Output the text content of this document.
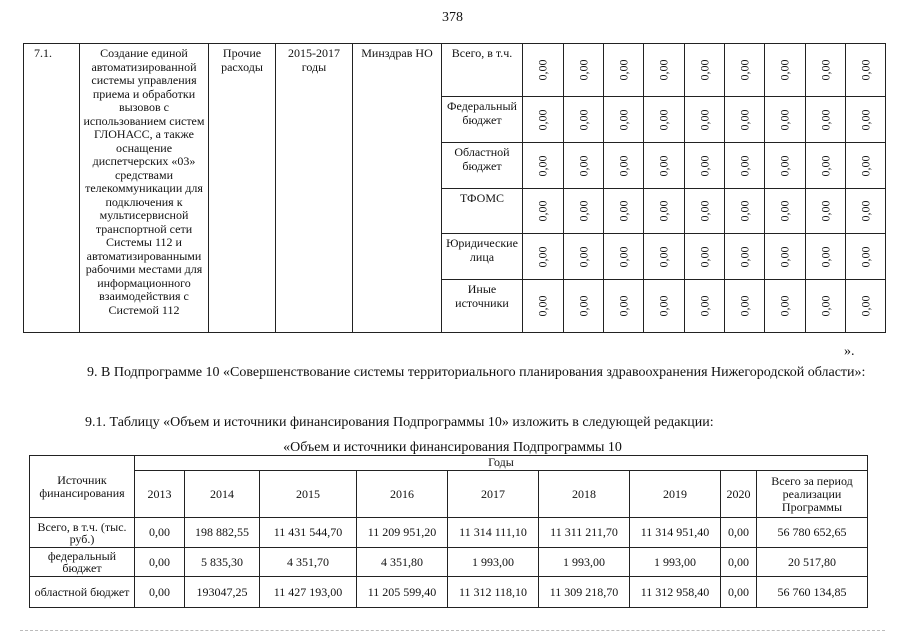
378
7.1.	Создание единой автоматизированной системы управления приема и обработки вызовов с использованием систем ГЛОНАСС, а также оснащение диспетчерских «03» средствами телекоммуникации для подключения к мультисервисной транспортной сети Системы 112 и автоматизированными рабочими местами для информационного взаимодействия с Системой 112	Прочие расходы	2015-2017 годы	Минздрав НО	Всего, в т.ч.	0,00	0,00	0,00	0,00	0,00	0,00	0,00	0,00	0,00

					Федеральный бюджет	0,00	0,00	0,00	0,00	0,00	0,00	0,00	0,00	0,00

					Областной бюджет	0,00	0,00	0,00	0,00	0,00	0,00	0,00	0,00	0,00

					ТФОМС	0,00	0,00	0,00	0,00	0,00	0,00	0,00	0,00	0,00

					Юридические лица	0,00	0,00	0,00	0,00	0,00	0,00	0,00	0,00	0,00

					Иные источники	0,00	0,00	0,00	0,00	0,00	0,00	0,00	0,00	0,00
».
9. В Подпрограмме 10 «Совершенствование системы территориального планирования здравоохранения Нижегородской области»:
9.1. Таблицу «Объем и источники финансирования Подпрограммы 10» изложить в следующей редакции:
«Объем и источники финансирования Подпрограммы 10
Источник финансирования	Годы								
	2013	2014	2015	2016	2017	2018	2019	2020	Всего за период реализации Программы
Всего, в т.ч. (тыс. руб.)	0,00	198 882,55	11 431 544,70	11 209 951,20	11 314 111,10	11 311 211,70	11 314 951,40	0,00	56 780 652,65
федеральный бюджет	0,00	5 835,30	4 351,70	4 351,80	1 993,00	1 993,00	1 993,00	0,00	20 517,80
областной бюджет	0,00	193047,25	11 427 193,00	11 205 599,40	11 312 118,10	11 309 218,70	11 312 958,40	0,00	56 760 134,85
